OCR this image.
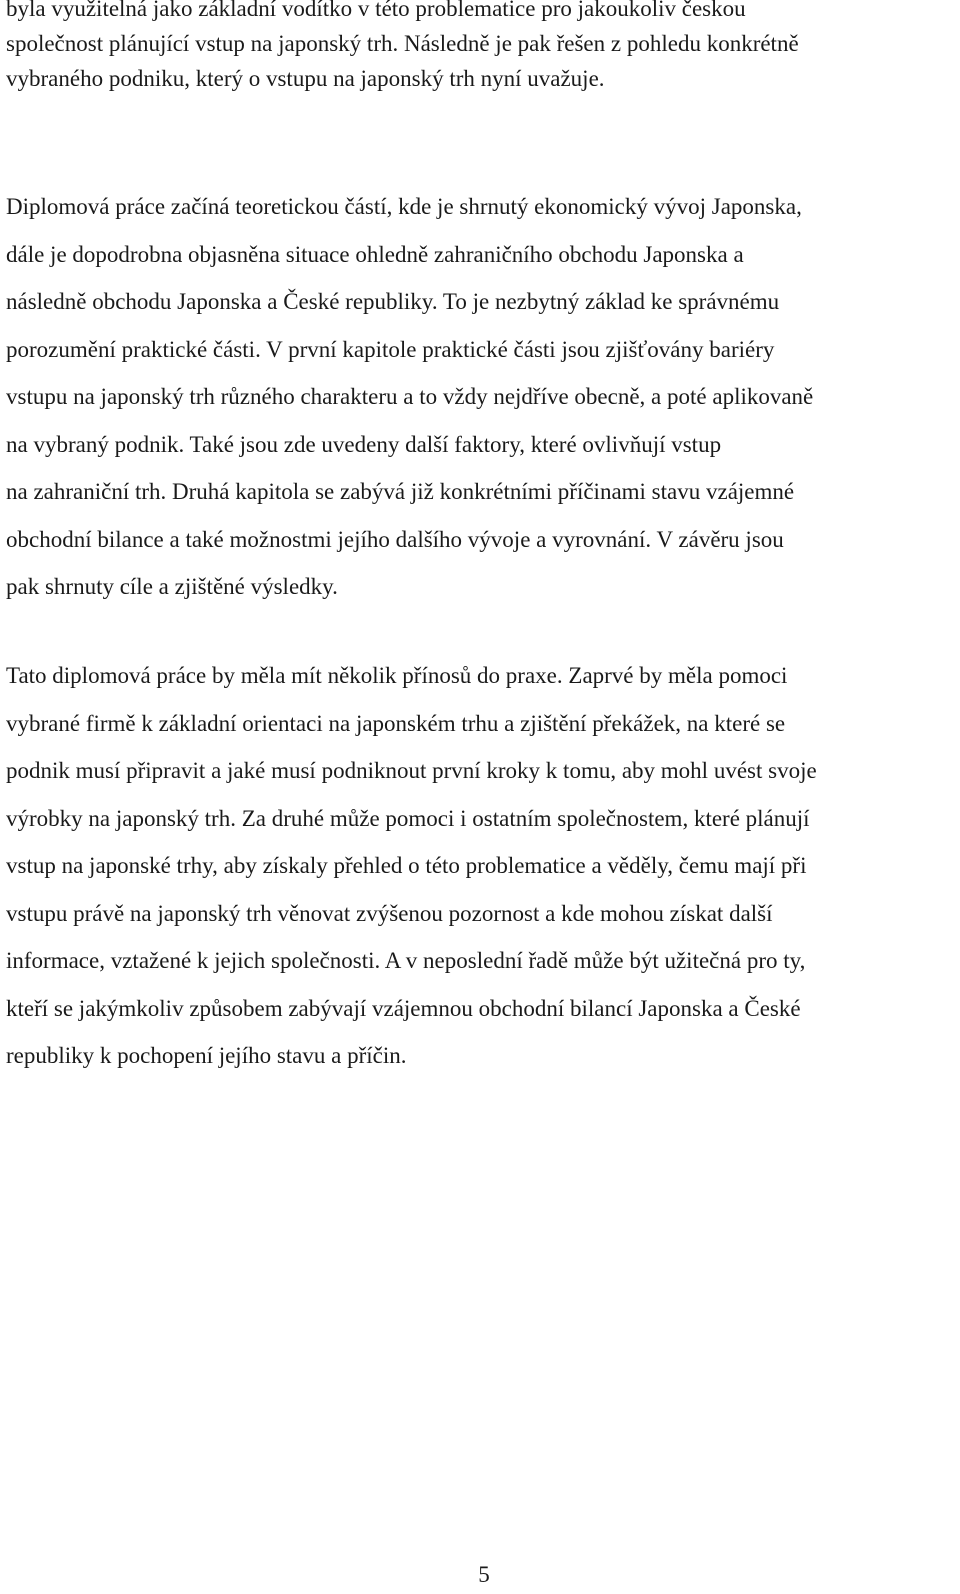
byla využitelná jako základní vodítko v této problematice pro jakoukoliv českou
společnost plánující vstup na japonský trh. Následně je pak řešen z pohledu konkrétně
vybraného podniku, který o vstupu na japonský trh nyní uvažuje.

Diplomová práce začíná teoretickou částí, kde je shrnutý ekonomický vývoj Japonska,
dále je dopodrobna objasněna situace ohledně zahraničního obchodu Japonska a
následně obchodu Japonska a České republiky. To je nezbytný základ ke správnému
porozumění praktické části. V první kapitole praktické části jsou zjišťovány bariéry
vstupu na japonský trh různého charakteru a to vždy nejdříve obecně, a poté aplikovaně
na vybraný podnik. Také jsou zde uvedeny další faktory, které ovlivňují vstup
na zahraniční trh. Druhá kapitola se zabývá již konkrétními příčinami stavu vzájemné
obchodní bilance a také možnostmi jejího dalšího vývoje a vyrovnání. V závěru jsou
pak shrnuty cíle a zjištěné výsledky.

Tato diplomová práce by měla mít několik přínosů do praxe. Zaprvé by měla pomoci
vybrané firmě k základní orientaci na japonském trhu a zjištění překážek, na které se
podnik musí připravit a jaké musí podniknout první kroky k tomu, aby mohl uvést svoje
výrobky na japonský trh. Za druhé může pomoci i ostatním společnostem, které plánují
vstup na japonské trhy, aby získaly přehled o této problematice a věděly, čemu mají při
vstupu právě na japonský trh věnovat zvýšenou pozornost a kde mohou získat další
informace, vztažené k jejich společnosti. A v neposlední řadě může být užitečná pro ty,
kteří se jakýmkoliv způsobem zabývají vzájemnou obchodní bilancí Japonska a České
republiky k pochopení jejího stavu a příčin.

5
